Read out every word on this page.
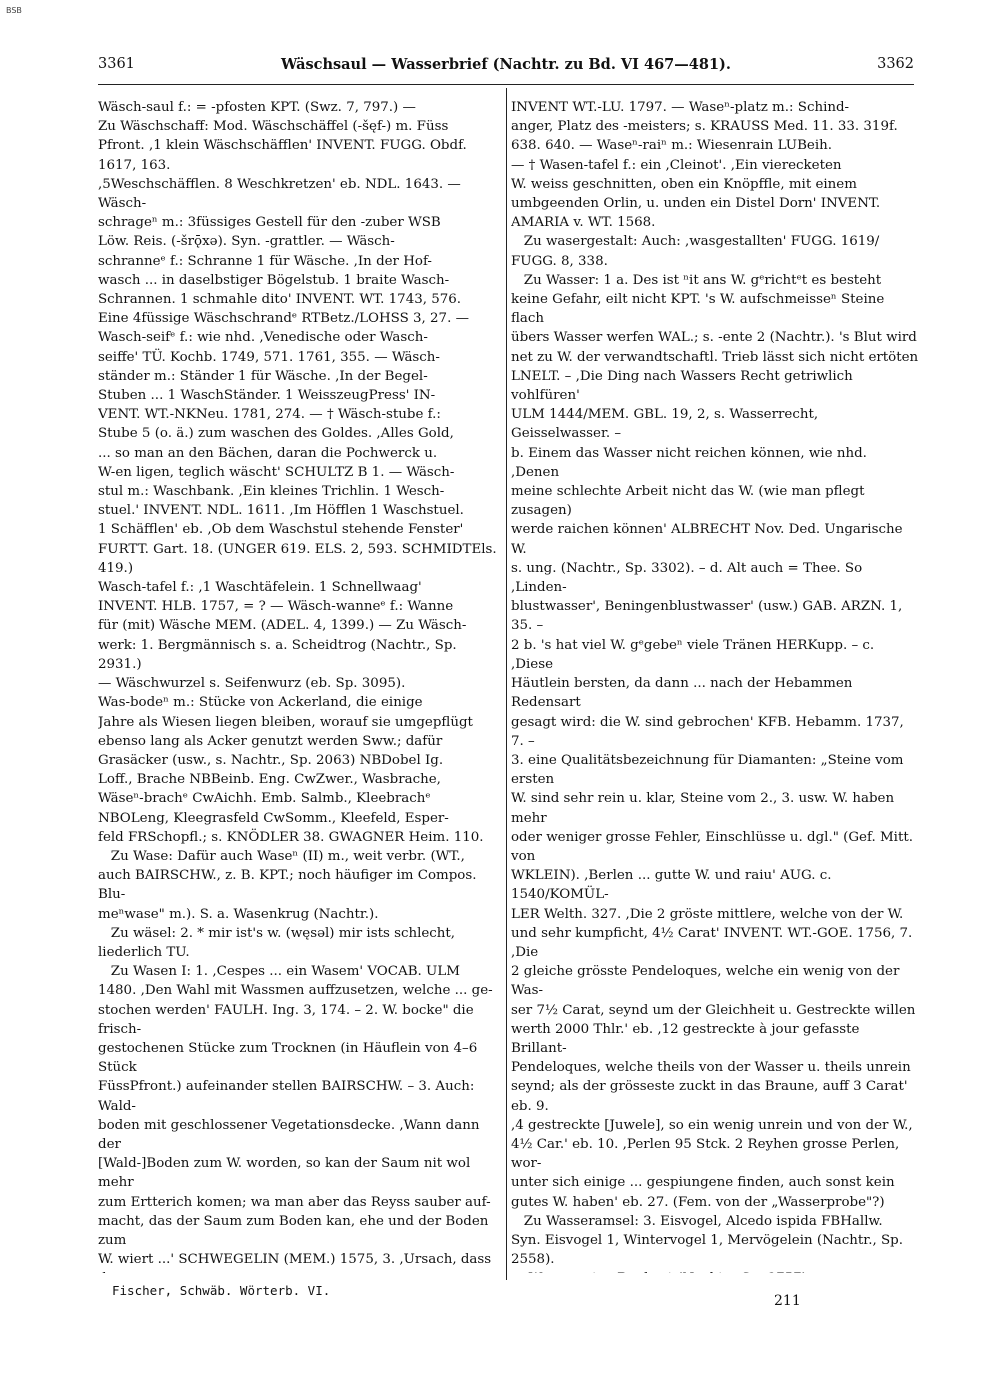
BSB
3361	Wäschsaul — Wasserbrief (Nachtr. zu Bd. VI 467—481).	3362
Wäsch-saul f.: = -pfosten KPT. (Swz. 7, 797.) —
Zu Wäschschaff: Mod. Wäschschäffel (-šęf-) m. Füss
Pfront. ,1 klein Wäschschäfflen' INVENT. FUGG. Obdf. 1617, 163.
,5Weschschäfflen. 8 Weschkretzen' eb. NDL. 1643. — Wäsch-
schrageⁿ m.: 3füssiges Gestell für den -zuber WSB
Löw. Reis. (-šrǭxə). Syn. -grattler. — Wäsch-
schranneᵉ f.: Schranne 1 für Wäsche. ,In der Hof-
wasch ... in daselbstiger Bögelstub. 1 braite Wasch-
Schrannen. 1 schmahle dito' INVENT. WT. 1743, 576.
Eine 4füssige Wäschschrandᵉ RTBetz./LOHSS 3, 27. —
Wasch-seifᵉ f.: wie nhd. ,Venedische oder Wasch-
seiffe' TÜ. Kochb. 1749, 571. 1761, 355. — Wäsch-
ständer m.: Ständer 1 für Wäsche. ,In der Begel-
Stuben ... 1 WaschStänder. 1 WeisszeugPress' IN-
VENT. WT.-NKNeu. 1781, 274. — † Wäsch-stube f.:
Stube 5 (o. ä.) zum waschen des Goldes. ,Alles Gold,
... so man an den Bächen, daran die Pochwerck u.
W-en ligen, teglich wäscht' SCHULTZ B 1. — Wäsch-
stul m.: Waschbank. ,Ein kleines Trichlin. 1 Wesch-
stuel.' INVENT. NDL. 1611. ,Im Höfflen 1 Waschstuel.
1 Schäfflen' eb. ,Ob dem Waschstul stehende Fenster'
FURTT. Gart. 18. (UNGER 619. ELS. 2, 593. SCHMIDTEls. 419.)
Wasch-tafel f.: ,1 Waschtäfelein. 1 Schnellwaag'
INVENT. HLB. 1757, = ? — Wäsch-wanneᵉ f.: Wanne
für (mit) Wäsche MEM. (ADEL. 4, 1399.) — Zu Wäsch-
werk: 1. Bergmännisch s. a. Scheidtrog (Nachtr., Sp. 2931.)
— Wäschwurzel s. Seifenwurz (eb. Sp. 3095).
Was-bodeⁿ m.: Stücke von Ackerland, die einige
Jahre als Wiesen liegen bleiben, worauf sie umgepflügt
ebenso lang als Acker genutzt werden Sww.; dafür
Grasäcker (usw., s. Nachtr., Sp. 2063) NBDobel Ig.
Loff., Brache NBBeinb. Eng. CwZwer., Wasbrache,
Wäseⁿ-brachᵉ CwAichh. Emb. Salmb., Kleebrachᵉ
NBOLeng, Kleegrasfeld CwSomm., Kleefeld, Esper-
feld FRSchopfl.; s. KNÖDLER 38. GWAGNER Heim. 110.
Zu Wase: Dafür auch Waseⁿ (II) m., weit verbr. (WT.,
auch BAIRSCHW., z. B. KPT.; noch häufiger im Compos. Blu-
meⁿwase" m.). S. a. Wasenkrug (Nachtr.).
Zu wäsel: 2. * mir ist's w. (węsəl) mir ists schlecht,
liederlich TU.
Zu Wasen I: 1. ,Cespes ... ein Wasem' VOCAB. ULM
1480. ,Den Wahl mit Wassmen auffzusetzen, welche ... ge-
stochen werden' FAULH. Ing. 3, 174. – 2. W. bocke" die frisch-
gestochenen Stücke zum Trocknen (in Häuflein von 4–6 Stück
FüssPfront.) aufeinander stellen BAIRSCHW. – 3. Auch: Wald-
boden mit geschlossener Vegetationsdecke. ,Wann dann der
[Wald-]Boden zum W. worden, so kan der Saum nit wol mehr
zum Ertterich komen; wa man aber das Reyss sauber auf-
macht, das der Saum zum Boden kan, ehe und der Boden zum
W. wiert ...' SCHWEGELIN (MEM.) 1575, 3. ,Ursach, dass

INVENT WT.-LU. 1797. — Waseⁿ-platz m.: Schind-
anger, Platz des -meisters; s. KRAUSS Med. 11. 33. 319f.
638. 640. — Waseⁿ-raiⁿ m.: Wiesenrain LUBeih.
— † Wasen-tafel f.: ein ,Cleinot'. ,Ein vierecketen
W. weiss geschnitten, oben ein Knöpffle, mit einem
umbgeenden Orlin, u. unden ein Distel Dorn' INVENT.
AMARIA v. WT. 1568.
Zu wasergestalt: Auch: ,wasgestallten' FUGG. 1619/
FUGG. 8, 338.
Zu Wasser: 1 a. Des ist ⁿit ans W. gᵉrichtᵉt es besteht
keine Gefahr, eilt nicht KPT. 's W. aufschmeisseⁿ Steine flach
übers Wasser werfen WAL.; s. -ente 2 (Nachtr.). 's Blut wird
net zu W. der verwandtschaftl. Trieb lässt sich nicht ertöten
LNELT. – ,Die Ding nach Wassers Recht getriwlich vohlfüren'
ULM 1444/MEM. GBL. 19, 2, s. Wasserrecht, Geisselwasser. –
b. Einem das Wasser nicht reichen können, wie nhd. ,Denen
meine schlechte Arbeit nicht das W. (wie man pflegt zusagen)
werde raichen können' ALBRECHT Nov. Ded. Ungarische W.
s. ung. (Nachtr., Sp. 3302). – d. Alt auch = Thee. So ,Linden-
blustwasser', Beningenblustwasser' (usw.) GAB. ARZN. 1, 35. –
2 b. 's hat viel W. gᵉgebeⁿ viele Tränen HERKupp. – c. ,Diese
Häutlein bersten, da dann ... nach der Hebammen Redensart
gesagt wird: die W. sind gebrochen' KFB. Hebamm. 1737, 7. –
3. eine Qualitätsbezeichnung für Diamanten: „Steine vom ersten
W. sind sehr rein u. klar, Steine vom 2., 3. usw. W. haben mehr
oder weniger grosse Fehler, Einschlüsse u. dgl." (Gef. Mitt. von
WKLEIN). ,Berlen ... gutte W. und raiu' AUG. c. 1540/KOMÜL-
LER Welth. 327. ,Die 2 gröste mittlere, welche von der W.
und sehr kumpficht, 4½ Carat' INVENT. WT.-GOE. 1756, 7. ,Die
2 gleiche grösste Pendeloques, welche ein wenig von der Was-
ser 7½ Carat, seynd um der Gleichheit u. Gestreckte willen
werth 2000 Thlr.' eb. ,12 gestreckte à jour gefasste Brillant-
Pendeloques, welche theils von der Wasser u. theils unrein
seynd; als der grösseste zuckt in das Braune, auff 3 Carat' eb. 9.
,4 gestreckte [Juwele], so ein wenig unrein und von der W.,
4½ Car.' eb. 10. ,Perlen 95 Stck. 2 Reyhen grosse Perlen, wor-
unter sich einige ... gespiungene finden, auch sonst kein
gutes W. haben' eb. 27. (Fem. von der „Wasserprobe"?)
Zu Wasseramsel: 3. Eisvogel, Alcedo ispida FBHallw.
Syn. Eisvogel 1, Wintervogel 1, Mervögelein (Nachtr., Sp. 2558).

Fischer, Schwäb. Wörterb. VI.
211
